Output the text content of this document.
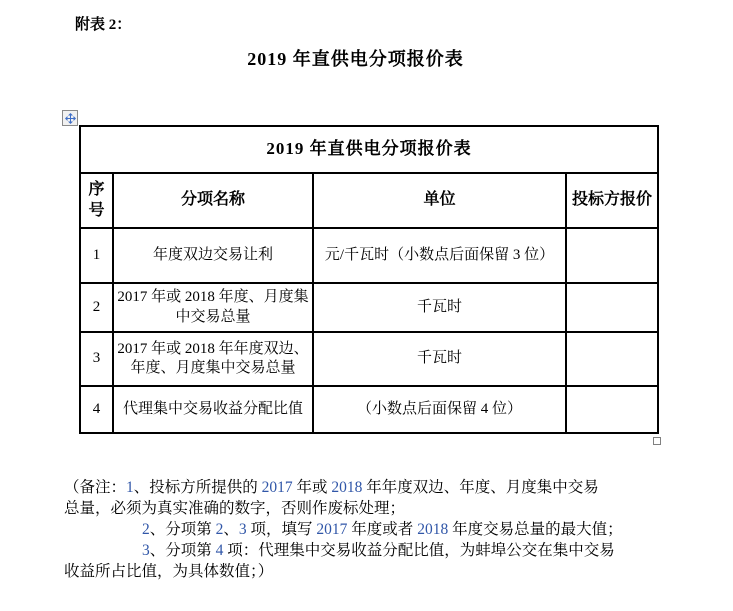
附表 2：
2019 年直供电分项报价表
2019 年直供电分项报价表			
序号	分项名称	单位	投标方报价
1	年度双边交易让利	元/千瓦时（小数点后面保留 3 位）	
2	2017 年或 2018 年度、月度集中交易总量	千瓦时	
3	2017 年或 2018 年年度双边、年度、月度集中交易总量	千瓦时	
4	代理集中交易收益分配比值	（小数点后面保留 4 位）	
（备注：1、投标方所提供的 2017 年或 2018 年年度双边、年度、月度集中交易
总量，必须为真实准确的数字，否则作废标处理；
2、分项第 2、3 项，填写 2017 年度或者 2018 年度交易总量的最大值；
3、分项第 4 项：代理集中交易收益分配比值，为蚌埠公交在集中交易
收益所占比值，为具体数值；）
